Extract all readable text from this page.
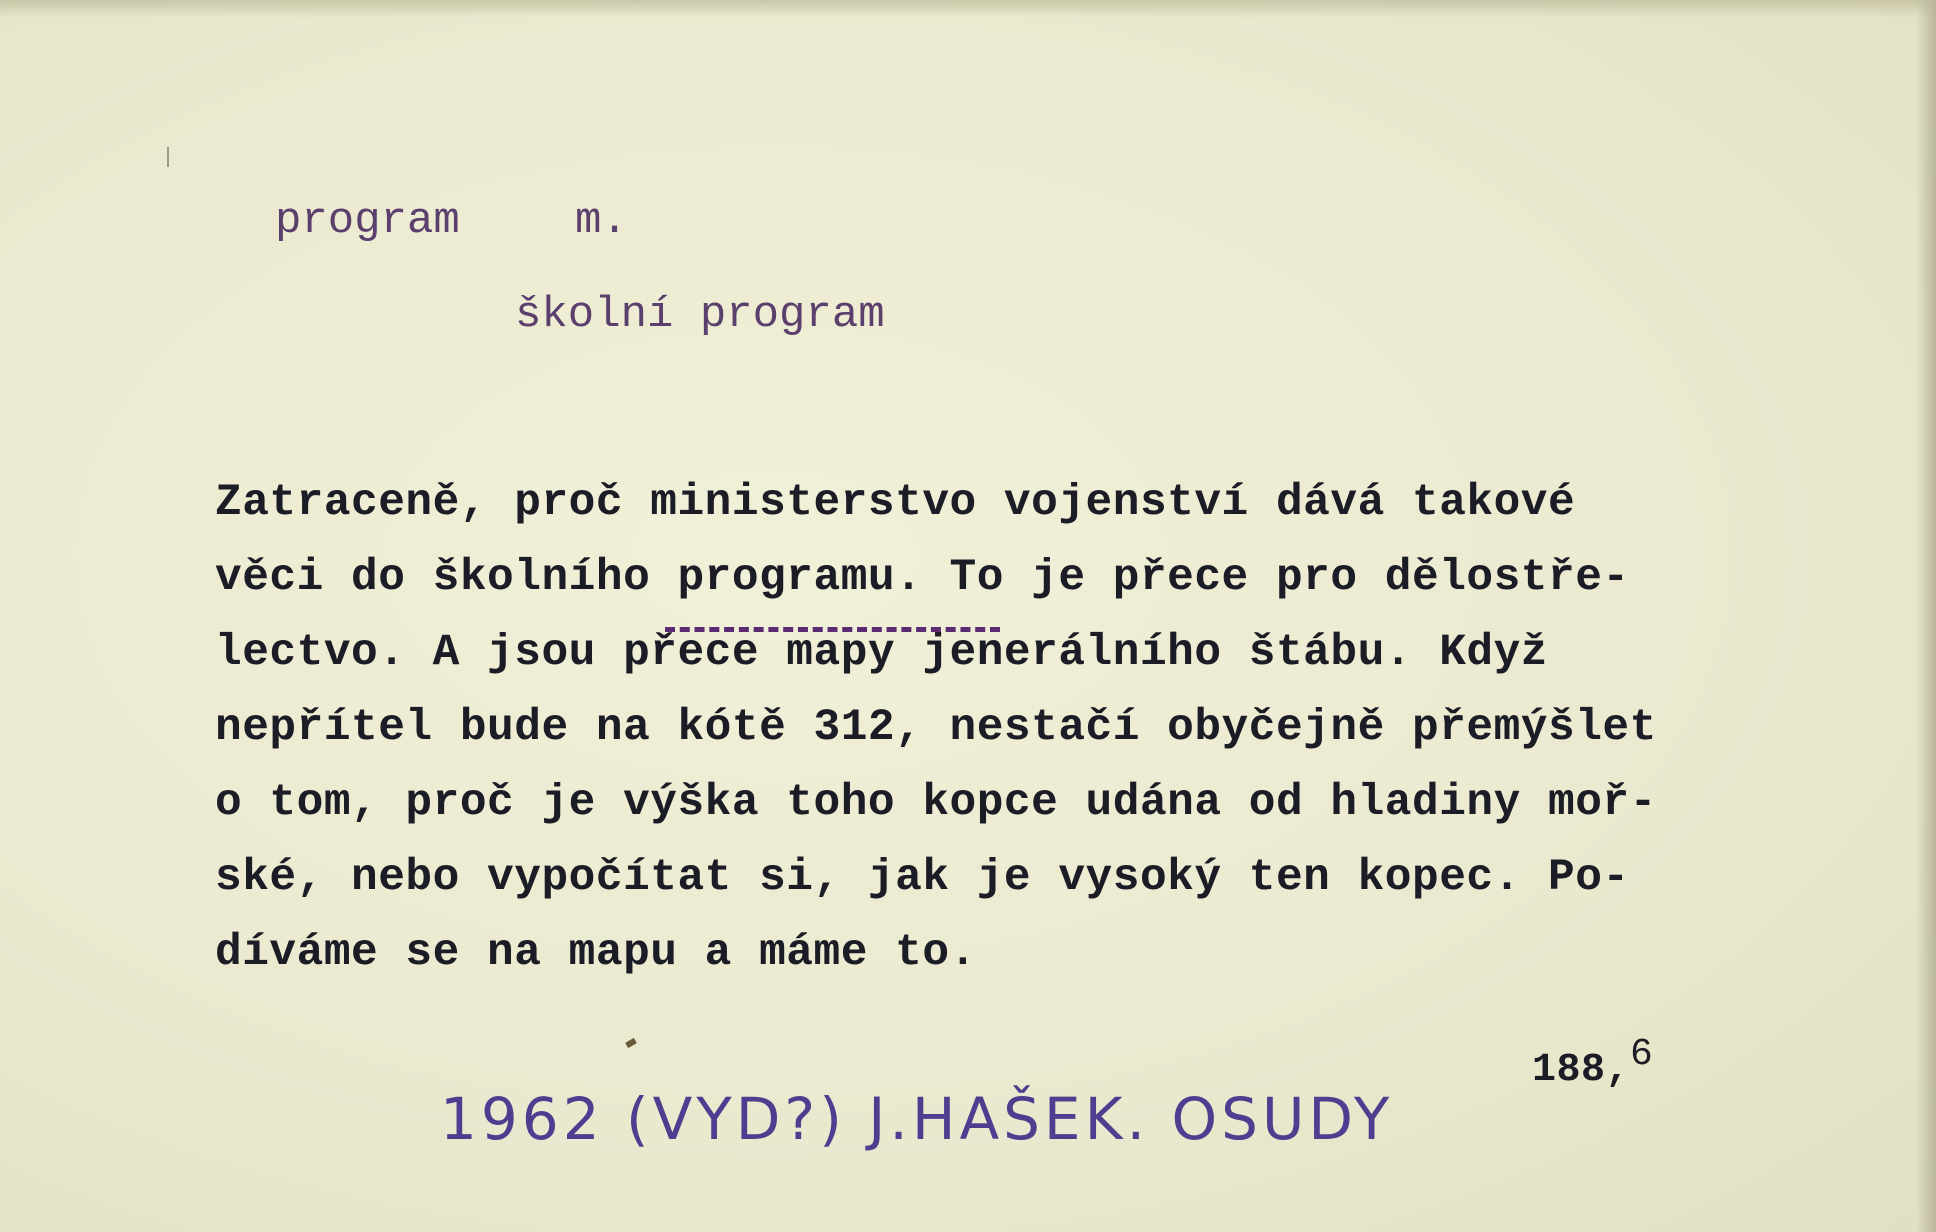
program	m.
školní program
Zatraceně, proč ministerstvo vojenství dává takové
věci do školního programu. To je přece pro dělostře-
lectvo. A jsou přece mapy jenerálního štábu. Když
nepřítel bude na kótě 312, nestačí obyčejně přemýšlet
o tom, proč je výška toho kopce udána od hladiny moř-
ské, nebo vypočítat si, jak je vysoký ten kopec. Po-
díváme se na mapu a máme to.
188,6
1962 (VYD?) J.HAŠEK. OSUDY
